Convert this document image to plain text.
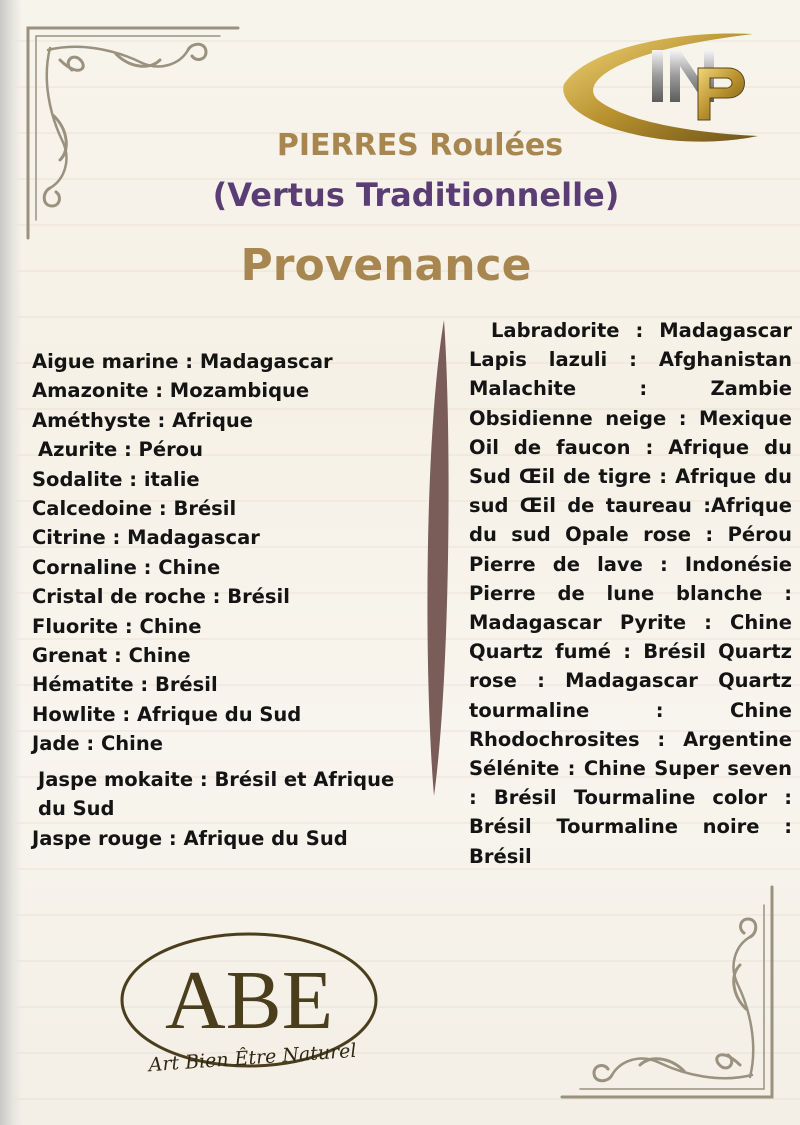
PIERRES Roulées
(Vertus Traditionnelle)
Provenance
Aigue marine : Madagascar
Amazonite : Mozambique
Améthyste : Afrique
Azurite : Pérou
Sodalite : italie
Calcedoine : Brésil
Citrine : Madagascar
Cornaline : Chine
Cristal de roche : Brésil
Fluorite : Chine
Grenat : Chine
Hématite : Brésil
Howlite : Afrique du Sud
Jade : Chine
Jaspe mokaite : Brésil et Afrique du Sud
Jaspe rouge : Afrique du Sud
Labradorite : Madagascar Lapis lazuli : Afghanistan Malachite : Zambie Obsidienne neige : Mexique Oil de faucon : Afrique du Sud Œil de tigre : Afrique du sud Œil de taureau :Afrique du sud Opale rose : Pérou Pierre de lave : Indonésie Pierre de lune blanche : Madagascar Pyrite : Chine Quartz fumé : Brésil Quartz rose : Madagascar Quartz tourmaline : Chine Rhodochrosites : Argentine Sélénite : Chine Super seven : Brésil Tourmaline color : Brésil Tourmaline noire : Brésil
ABE
Art Bien Être Naturel
